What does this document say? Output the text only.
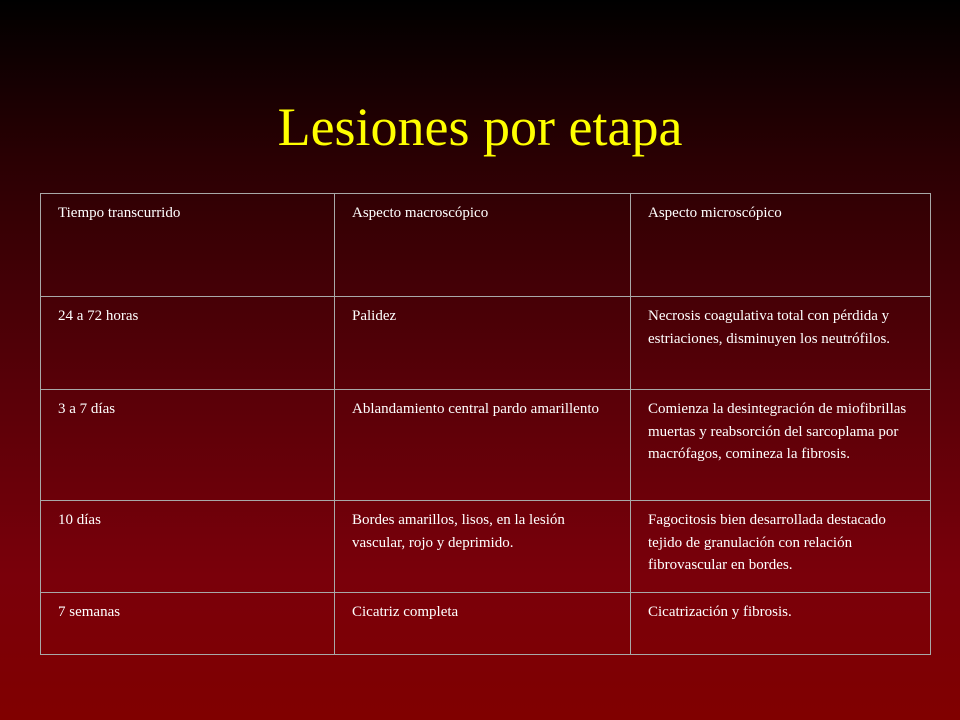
Lesiones por etapa
Tiempo transcurrido	Aspecto macroscópico	Aspecto microscópico
24 a 72 horas	Palidez	Necrosis coagulativa total con pérdida y estriaciones, disminuyen los neutrófilos.
3 a 7 días	Ablandamiento central pardo amarillento	Comienza la desintegración de miofibrillas muertas y reabsorción del sarcoplama por macrófagos, comineza la fibrosis.
10 días	Bordes amarillos, lisos, en la lesión vascular, rojo y deprimido.	Fagocitosis bien desarrollada destacado tejido de granulación con relación fibrovascular en bordes.
7 semanas	Cicatriz completa	Cicatrización y fibrosis.
